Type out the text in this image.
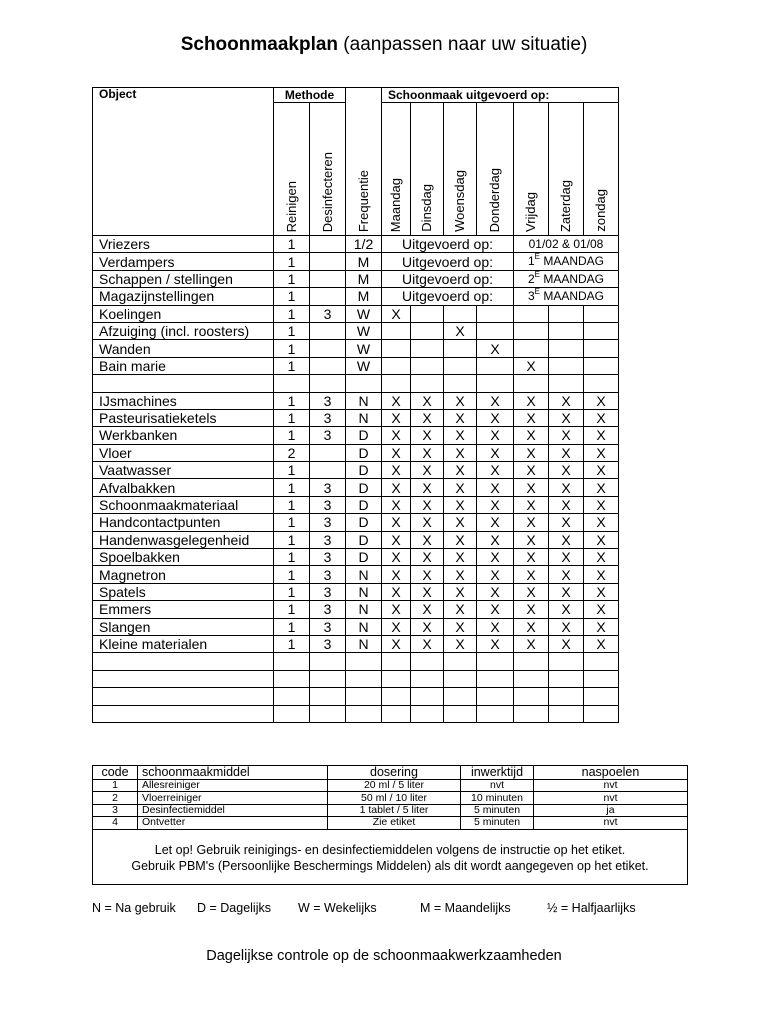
Schoonmaakplan (aanpassen naar uw situatie)
Object	Methode			Schoonmaak uitgevoerd op:						
	Reinigen	Desinfecteren	Frequentie	Maandag	Dinsdag	Woensdag	Donderdag	Vrijdag	Zaterdag	zondag
Vriezers	1		1/2	Uitgevoerd op:				01/02 & 01/08		
Verdampers	1		M	Uitgevoerd op:				$1^E$ MAANDAG		
Schappen / stellingen	1		M	Uitgevoerd op:				$2^E$ MAANDAG		
Magazijnstellingen	1		M	Uitgevoerd op:				$3^E$ MAANDAG		
Koelingen	1	3	W	X						
Afzuiging (incl. roosters)	1		W			X				
Wanden	1		W				X			
Bain marie	1		W					X		

IJsmachines	1	3	N	X	X	X	X	X	X	X
Pasteurisatieketels	1	3	N	X	X	X	X	X	X	X
Werkbanken	1	3	D	X	X	X	X	X	X	X
Vloer	2		D	X	X	X	X	X	X	X
Vaatwasser	1		D	X	X	X	X	X	X	X
Afvalbakken	1	3	D	X	X	X	X	X	X	X
Schoonmaakmateriaal	1	3	D	X	X	X	X	X	X	X
Handcontactpunten	1	3	D	X	X	X	X	X	X	X
Handenwasgelegenheid	1	3	D	X	X	X	X	X	X	X
Spoelbakken	1	3	D	X	X	X	X	X	X	X
Magnetron	1	3	N	X	X	X	X	X	X	X
Spatels	1	3	N	X	X	X	X	X	X	X
Emmers	1	3	N	X	X	X	X	X	X	X
Slangen	1	3	N	X	X	X	X	X	X	X
Kleine materialen	1	3	N	X	X	X	X	X	X	X

code	schoonmaakmiddel	dosering	inwerktijd	naspoelen
1	Allesreiniger	20 ml / 5 liter	nvt	nvt
2	Vloerreiniger	50 ml / 10 liter	10 minuten	nvt
3	Desinfectiemiddel	1 tablet / 5 liter	5 minuten	ja
4	Ontvetter	Zie etiket	5 minuten	nvt

Let op! Gebruik reinigings- en desinfectiemiddelen volgens de instructie op het etiket.
Gebruik PBM's (Persoonlijke Beschermings Middelen) als dit wordt aangegeven op het etiket.				
N = Na gebruik D = Dagelijks W = Wekelijks	M = Maandelijks	½ = Halfjaarlijks
Dagelijkse controle op de schoonmaakwerkzaamheden
